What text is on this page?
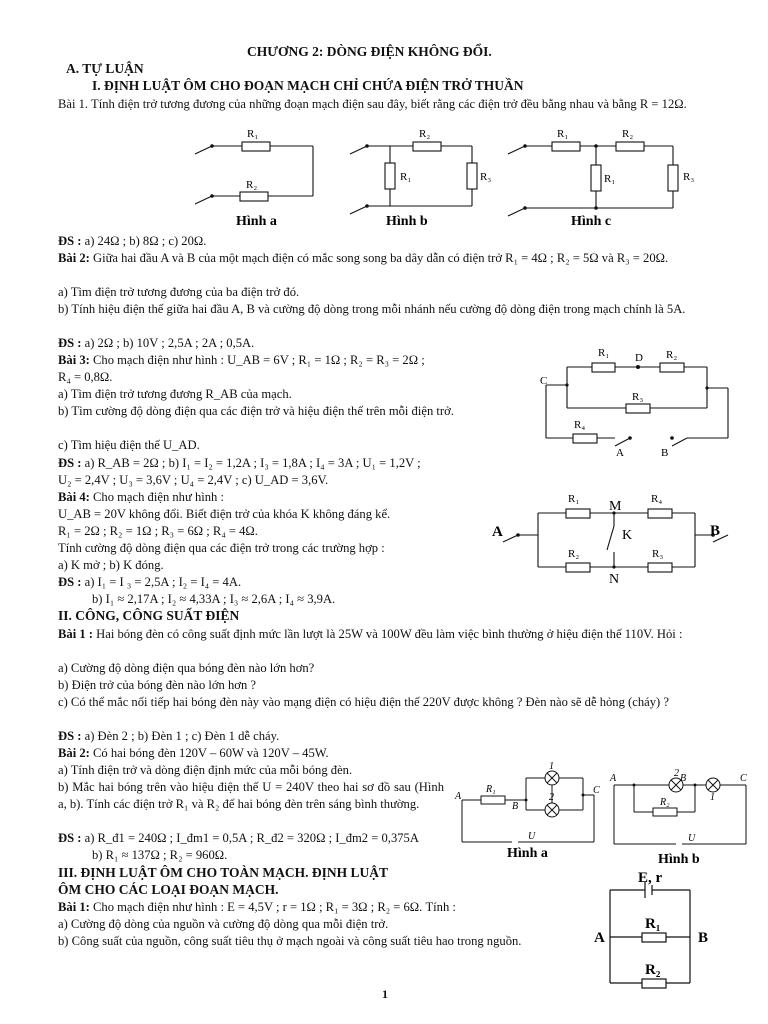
CHƯƠNG 2: DÒNG ĐIỆN KHÔNG ĐỔI.
A. TỰ LUẬN
I. ĐỊNH LUẬT ÔM CHO ĐOẠN MẠCH CHỈ CHỨA ĐIỆN TRỞ THUẦN
Bài 1. Tính điện trở tương đương của những đoạn mạch điện sau đây, biết rằng các điện trở đều bằng nhau và bằng R = 12Ω.
R₁
R₂
R₂
R₁	R₃
R₁	R₂
R₁	R₃
Hình a	Hình b	Hình c
ĐS : a) 24Ω ; b) 8Ω ; c) 20Ω.
Bài 2: Giữa hai đầu A và B của một mạch điện có mắc song song ba dây dẫn có điện trở R₁ = 4Ω ; R₂ = 5Ω và R₃ = 20Ω.
a) Tìm điện trở tương đương của ba điện trở đó.
b) Tính hiệu điện thế giữa hai đầu A, B và cường độ dòng trong mỗi nhánh nếu cường độ dòng điện trong mạch chính là 5A.
ĐS : a) 2Ω ; b) 10V ; 2,5A ; 2A ; 0,5A.
Bài 3: Cho mạch điện như hình : U_AB = 6V ; R₁ = 1Ω ; R₂ = R₃ = 2Ω ;
R₄ = 0,8Ω.
a) Tìm điện trở tương đương R_AB của mạch.
b) Tìm cường độ dòng điện qua các điện trở và hiệu điện thế trên mỗi điện trở.
c) Tìm hiệu điện thế U_AD.
ĐS : a) R_AB = 2Ω ; b) I₁ = I₂ = 1,2A ; I₃ = 1,8A ; I₄ = 3A ; U₁ = 1,2V ;
U₂ = 2,4V ; U₃ = 3,6V ; U₄ = 2,4V ; c) U_AD = 3,6V.
R₁ D R₂
C
R₃
R₄
A	B
Bài 4: Cho mạch điện như hình :
U_AB = 20V không đổi. Biết điện trở của khóa K không đáng kể.
R₁ = 2Ω ; R₂ = 1Ω ; R₃ = 6Ω ; R₄ = 4Ω.
Tính cường độ dòng điện qua các điện trở trong các trường hợp :
a) K mở ; b) K đóng.
ĐS : a) I₁ = I ₃ = 2,5A ; I₂ = I₄ = 4A.
b) I₁ ≈ 2,17A ; I₂ ≈ 4,33A ; I₃ ≈ 2,6A ; I₄ ≈ 3,9A.
R₁	R₄
R₂	R₃
A	B
M
K
N
II. CÔNG, CÔNG SUẤT ĐIỆN
Bài 1 : Hai bóng đèn có công suất định mức lần lượt là 25W và 100W đều làm việc bình thường ở hiệu điện thế 110V. Hỏi :
a) Cường độ dòng điện qua bóng đèn nào lớn hơn?
b) Điện trở của bóng đèn nào lớn hơn ?
c) Có thể mắc nối tiếp hai bóng đèn này vào mạng điện có hiệu điện thế 220V được không ? Đèn nào sẽ dễ hỏng (cháy) ?
ĐS : a) Đèn 2 ; b) Đèn 1 ; c) Đèn 1 dễ cháy.
Bài 2: Có hai bóng đèn 120V – 60W và 120V – 45W.
a) Tính điện trở và dòng điện định mức của mỗi bóng đèn.
b) Mắc hai bóng trên vào hiệu điện thế U = 240V theo hai sơ đồ sau (Hình a, b). Tính các điện trở R₁ và R₂ để hai bóng đèn trên sáng bình thường.
ĐS : a) R_đ1 = 240Ω ; I_đm1 = 0,5A ; R_đ2 = 320Ω ; I_đm2 = 0,375A
b) R₁ ≈ 137Ω ; R₂ = 960Ω.
A
R₁
B
C
1
2
U
A	2 B
1
C
R₂
U
Hình a	Hình b
III. ĐỊNH LUẬT ÔM CHO TOÀN MẠCH. ĐỊNH LUẬT
ÔM CHO CÁC LOẠI ĐOẠN MẠCH.
Bài 1: Cho mạch điện như hình : E = 4,5V ; r = 1Ω ; R₁ = 3Ω ; R₂ = 6Ω. Tính :
a) Cường độ dòng của nguồn và cường độ dòng qua mỗi điện trở.
b) Công suất của nguồn, công suất tiêu thụ ở mạch ngoài và công suất tiêu hao trong nguồn.
E, r
R₁
R₂
A	B
1
